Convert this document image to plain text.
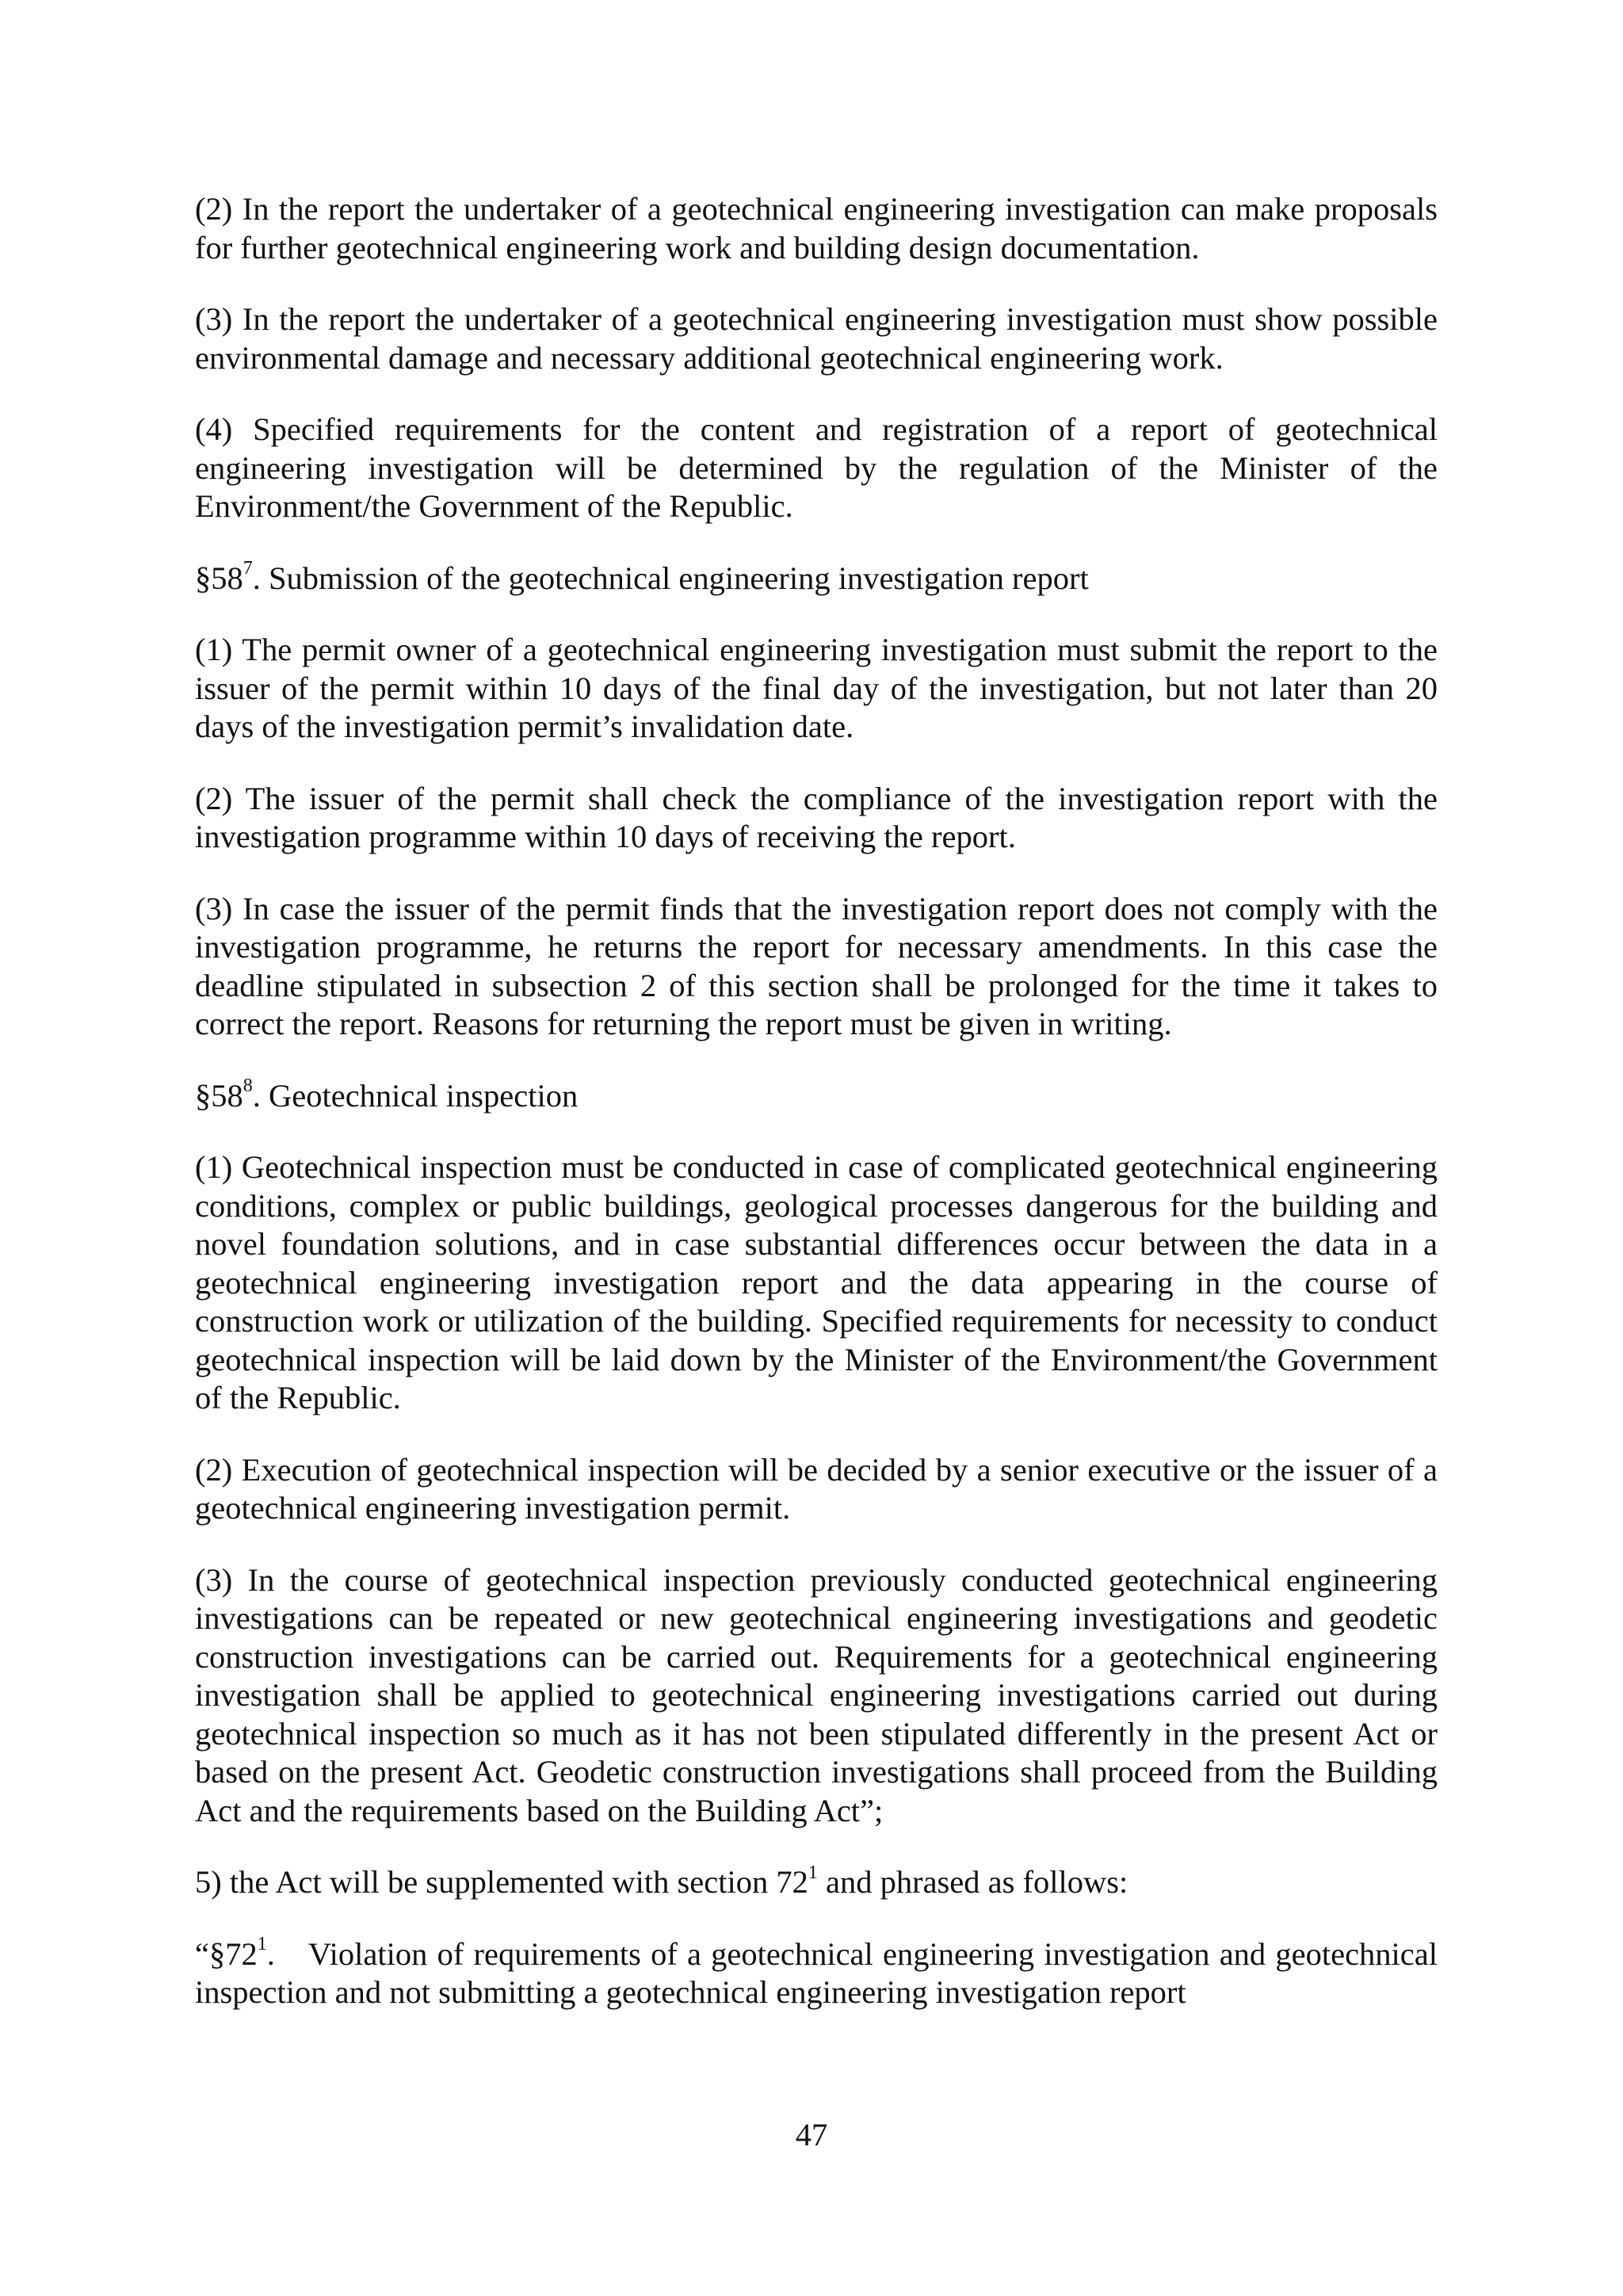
(2) In the report the undertaker of a geotechnical engineering investigation can make proposals for further geotechnical engineering work and building design documentation.

(3) In the report the undertaker of a geotechnical engineering investigation must show possible environmental damage and necessary additional geotechnical engineering work.

(4) Specified requirements for the content and registration of a report of geotechnical engineering investigation will be determined by the regulation of the Minister of the Environment/the Government of the Republic.

$\S 58^7$. Submission of the geotechnical engineering investigation report

(1) The permit owner of a geotechnical engineering investigation must submit the report to the issuer of the permit within 10 days of the final day of the investigation, but not later than 20 days of the investigation permit’s invalidation date.

(2) The issuer of the permit shall check the compliance of the investigation report with the investigation programme within 10 days of receiving the report.

(3) In case the issuer of the permit finds that the investigation report does not comply with the investigation programme, he returns the report for necessary amendments. In this case the deadline stipulated in subsection 2 of this section shall be prolonged for the time it takes to correct the report. Reasons for returning the report must be given in writing.

$\S 58^8$. Geotechnical inspection

(1) Geotechnical inspection must be conducted in case of complicated geotechnical engineering conditions, complex or public buildings, geological processes dangerous for the building and novel foundation solutions, and in case substantial differences occur between the data in a geotechnical engineering investigation report and the data appearing in the course of construction work or utilization of the building. Specified requirements for necessity to conduct geotechnical inspection will be laid down by the Minister of the Environment/the Government of the Republic.

(2) Execution of geotechnical inspection will be decided by a senior executive or the issuer of a geotechnical engineering investigation permit.

(3) In the course of geotechnical inspection previously conducted geotechnical engineering investigations can be repeated or new geotechnical engineering investigations and geodetic construction investigations can be carried out. Requirements for a geotechnical engineering investigation shall be applied to geotechnical engineering investigations carried out during geotechnical inspection so much as it has not been stipulated differently in the present Act or based on the present Act. Geodetic construction investigations shall proceed from the Building Act and the requirements based on the Building Act”;

5) the Act will be supplemented with section $72^1$ and phrased as follows:

“$\S 72^1$. Violation of requirements of a geotechnical engineering investigation and geotechnical inspection and not submitting a geotechnical engineering investigation report

47
